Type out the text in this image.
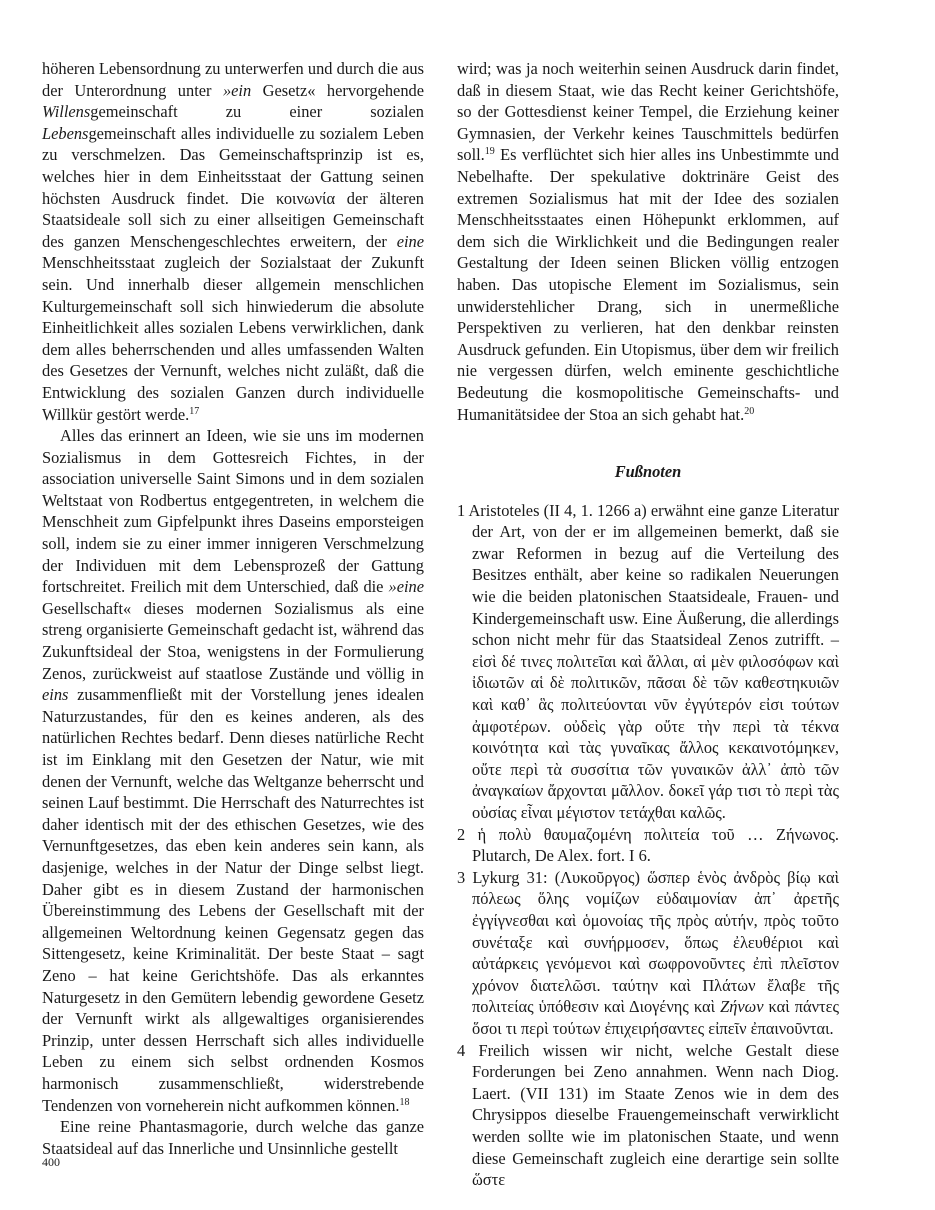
höheren Lebensordnung zu unterwerfen und durch die aus der Unterordnung unter »ein Gesetz« hervorgehende Willensgemeinschaft zu einer sozialen Lebensgemeinschaft alles individuelle zu sozialem Leben zu verschmelzen. Das Gemeinschaftsprinzip ist es, welches hier in dem Einheitsstaat der Gattung seinen höchsten Ausdruck findet. Die κοινωνία der älteren Staatsideale soll sich zu einer allseitigen Gemeinschaft des ganzen Menschengeschlechtes erweitern, der eine Menschheitsstaat zugleich der Sozialstaat der Zukunft sein. Und innerhalb dieser allgemein menschlichen Kulturgemeinschaft soll sich hinwiederum die absolute Einheitlichkeit alles sozialen Lebens verwirklichen, dank dem alles beherrschenden und alles umfassenden Walten des Gesetzes der Vernunft, welches nicht zuläßt, daß die Entwicklung des sozialen Ganzen durch individuelle Willkür gestört werde.$^{17}$

Alles das erinnert an Ideen, wie sie uns im modernen Sozialismus in dem Gottesreich Fichtes, in der association universelle Saint Simons und in dem sozialen Weltstaat von Rodbertus entgegentreten, in welchem die Menschheit zum Gipfelpunkt ihres Daseins emporsteigen soll, indem sie zu einer immer innigeren Verschmelzung der Individuen mit dem Lebensprozeß der Gattung fortschreitet. Freilich mit dem Unterschied, daß die »eine Gesellschaft« dieses modernen Sozialismus als eine streng organisierte Gemeinschaft gedacht ist, während das Zukunftsideal der Stoa, wenigstens in der Formulierung Zenos, zurückweist auf staatlose Zustände und völlig in eins zusammenfließt mit der Vorstellung jenes idealen Naturzustandes, für den es keines anderen, als des natürlichen Rechtes bedarf. Denn dieses natürliche Recht ist im Einklang mit den Gesetzen der Natur, wie mit denen der Vernunft, welche das Weltganze beherrscht und seinen Lauf bestimmt. Die Herrschaft des Naturrechtes ist daher identisch mit der des ethischen Gesetzes, wie des Vernunftgesetzes, das eben kein anderes sein kann, als dasjenige, welches in der Natur der Dinge selbst liegt. Daher gibt es in diesem Zustand der harmonischen Übereinstimmung des Lebens der Gesellschaft mit der allgemeinen Weltordnung keinen Gegensatz gegen das Sittengesetz, keine Kriminalität. Der beste Staat – sagt Zeno – hat keine Gerichtshöfe. Das als erkanntes Naturgesetz in den Gemütern lebendig gewordene Gesetz der Vernunft wirkt als allgewaltiges organisierendes Prinzip, unter dessen Herrschaft sich alles individuelle Leben zu einem sich selbst ordnenden Kosmos harmonisch zusammenschließt, widerstrebende Tendenzen von vorneherein nicht aufkommen können.$^{18}$

Eine reine Phantasmagorie, durch welche das ganze Staatsideal auf das Innerliche und Unsinnliche gestellt

wird; was ja noch weiterhin seinen Ausdruck darin findet, daß in diesem Staat, wie das Recht keiner Gerichtshöfe, so der Gottesdienst keiner Tempel, die Erziehung keiner Gymnasien, der Verkehr keines Tauschmittels bedürfen soll.$^{19}$ Es verflüchtet sich hier alles ins Unbestimmte und Nebelhafte. Der spekulative doktrinäre Geist des extremen Sozialismus hat mit der Idee des sozialen Menschheitsstaates einen Höhepunkt erklommen, auf dem sich die Wirklichkeit und die Bedingungen realer Gestaltung der Ideen seinen Blicken völlig entzogen haben. Das utopische Element im Sozialismus, sein unwiderstehlicher Drang, sich in unermeßliche Perspektiven zu verlieren, hat den denkbar reinsten Ausdruck gefunden. Ein Utopismus, über dem wir freilich nie vergessen dürfen, welch eminente geschichtliche Bedeutung die kosmopolitische Gemeinschafts- und Humanitätsidee der Stoa an sich gehabt hat.$^{20}$

Fußnoten

1 Aristoteles (II 4, 1. 1266 a) erwähnt eine ganze Literatur der Art, von der er im allgemeinen bemerkt, daß sie zwar Reformen in bezug auf die Verteilung des Besitzes enthält, aber keine so radikalen Neuerungen wie die beiden platonischen Staatsideale, Frauen- und Kindergemeinschaft usw. Eine Äußerung, die allerdings schon nicht mehr für das Staatsideal Zenos zutrifft. – εἰσὶ δέ τινες πολιτεῖαι καὶ ἄλλαι, αἱ μὲν φιλοσόφων καὶ ἰδιωτῶν αἱ δὲ πολιτικῶν, πᾶσαι δὲ τῶν καθεστηκυιῶν καὶ καθ᾽ ἃς πολιτεύονται νῦν ἐγγύτερόν εἰσι τούτων ἀμφοτέρων. οὐδεὶς γὰρ οὔτε τὴν περὶ τὰ τέκνα κοινότητα καὶ τὰς γυναῖκας ἄλλος κεκαινοτόμηκεν, οὔτε περὶ τὰ συσσίτια τῶν γυναικῶν ἀλλ᾽ ἀπὸ τῶν ἀναγκαίων ἄρχονται μᾶλλον. δοκεῖ γάρ τισι τὸ περὶ τὰς οὐσίας εἶναι μέγιστον τετάχθαι καλῶς.

2 ἡ πολὺ θαυμαζομένη πολιτεία τοῦ … Ζήνωνος. Plutarch, De Alex. fort. I 6.

3 Lykurg 31: (Λυκοῦργος) ὥσπερ ἑνὸς ἀνδρὸς βίῳ καὶ πόλεως ὅλης νομίζων εὐδαιμονίαν ἀπ᾽ ἀρετῆς ἐγγίγνεσθαι καὶ ὁμονοίας τῆς πρὸς αὑτήν, πρὸς τοῦτο συνέταξε καὶ συνήρμοσεν, ὅπως ἐλευθέριοι καὶ αὐτάρκεις γενόμενοι καὶ σωφρονοῦντες ἐπὶ πλεῖστον χρόνον διατελῶσι. ταύτην καὶ Πλάτων ἔλαβε τῆς πολιτείας ὑπόθεσιν καὶ Διογένης καὶ Ζήνων καὶ πάντες ὅσοι τι περὶ τούτων ἐπιχειρήσαντες εἰπεῖν ἐπαινοῦνται.

4 Freilich wissen wir nicht, welche Gestalt diese Forderungen bei Zeno annahmen. Wenn nach Diog. Laert. (VII 131) im Staate Zenos wie in dem des Chrysippos dieselbe Frauengemeinschaft verwirklicht werden sollte wie im platonischen Staate, und wenn diese Gemeinschaft zugleich eine derartige sein sollte ὥστε

400
